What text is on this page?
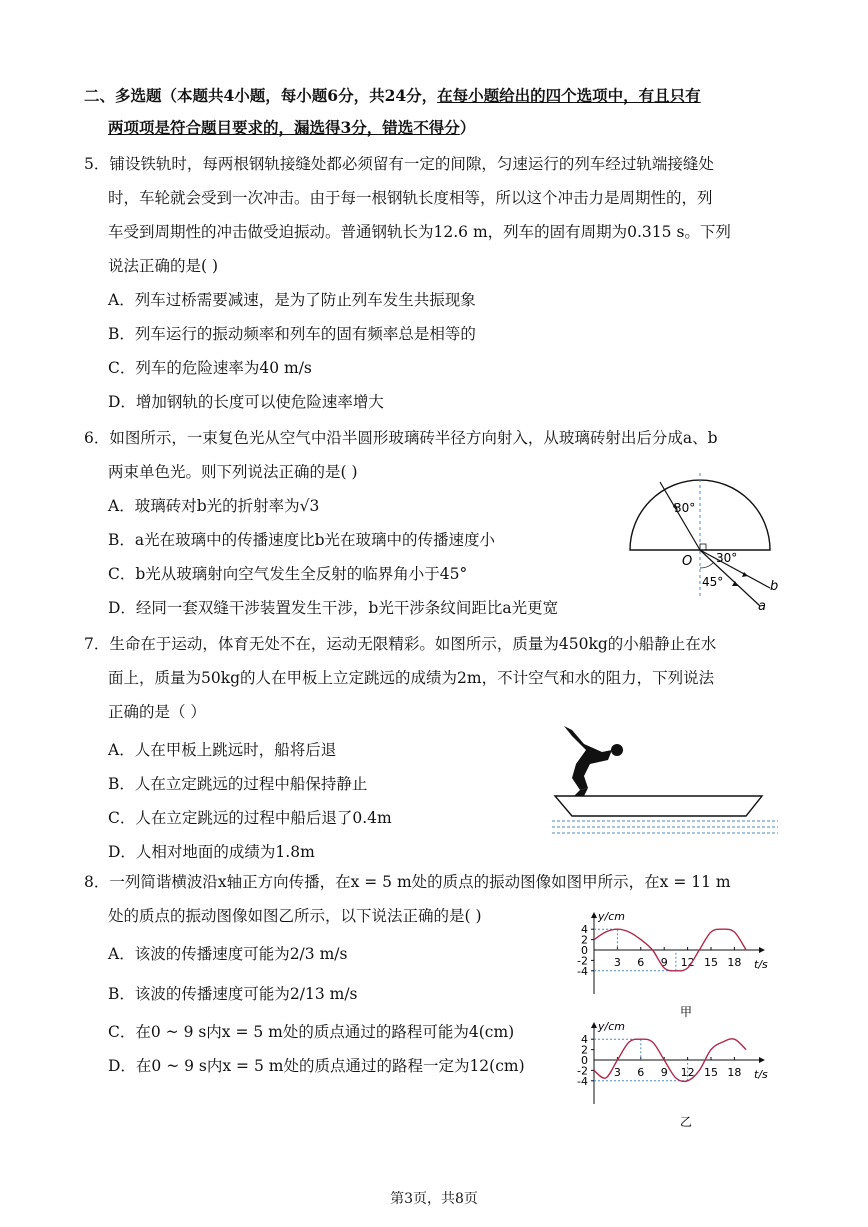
二、多选题（本题共4小题，每小题6分，共24分，在每小题给出的四个选项中，有且只有
两项项是符合题目要求的，漏选得3分，错选不得分）
5．铺设铁轨时，每两根钢轨接缝处都必须留有一定的间隙，匀速运行的列车经过轨端接缝处
时，车轮就会受到一次冲击。由于每一根钢轨长度相等，所以这个冲击力是周期性的，列
车受到周期性的冲击做受迫振动。普通钢轨长为12.6 m，列车的固有周期为0.315 s。下列
说法正确的是( )
A．列车过桥需要减速，是为了防止列车发生共振现象
B．列车运行的振动频率和列车的固有频率总是相等的
C．列车的危险速率为40 m/s
D．增加钢轨的长度可以使危险速率增大
6．如图所示，一束复色光从空气中沿半圆形玻璃砖半径方向射入，从玻璃砖射出后分成a、b
两束单色光。则下列说法正确的是( )
A．玻璃砖对b光的折射率为√3
B．a光在玻璃中的传播速度比b光在玻璃中的传播速度小
C．b光从玻璃射向空气发生全反射的临界角小于45°
D．经同一套双缝干涉装置发生干涉，b光干涉条纹间距比a光更宽
30°
30°
45°
O
b
a
7．生命在于运动，体育无处不在，运动无限精彩。如图所示，质量为450kg的小船静止在水
面上，质量为50kg的人在甲板上立定跳远的成绩为2m，不计空气和水的阻力，下列说法
正确的是（ ）
A．人在甲板上跳远时，船将后退
B．人在立定跳远的过程中船保持静止
C．人在立定跳远的过程中船后退了0.4m
D．人相对地面的成绩为1.8m
8．一列简谐横波沿x轴正方向传播，在x = 5 m处的质点的振动图像如图甲所示，在x = 11 m
处的质点的振动图像如图乙所示，以下说法正确的是( )
A．该波的传播速度可能为2/3 m/s
B．该波的传播速度可能为2/13 m/s
C．在0 ~ 9 s内x = 5 m处的质点通过的路程可能为4(cm)
D．在0 ~ 9 s内x = 5 m处的质点通过的路程一定为12(cm)
y/cm
t/s
4
2
0
-2
-4
3 6 9 12 15 18
甲
y/cm
t/s
4
2
0
-2
-4
3 6 9 12 15 18
乙
第3页，共8页
